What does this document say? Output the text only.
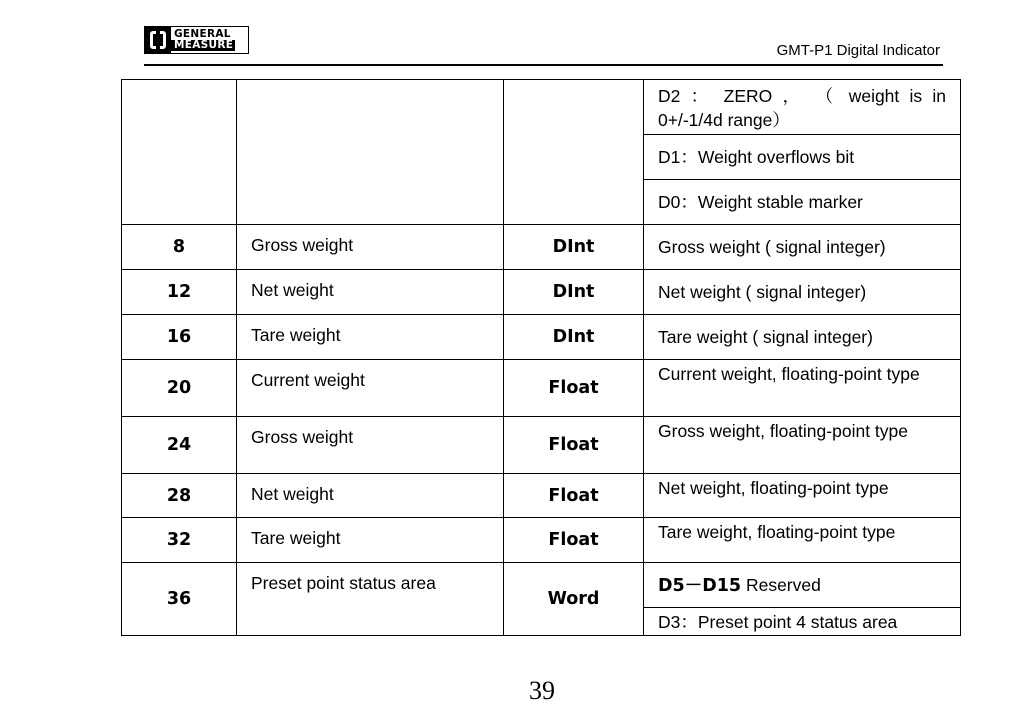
GENERAL
MEASURE	GMT-P1 Digital Indicator
			D2 ： ZERO ， （ weight is in 0+/-1/4d range）
			D1：Weight overflows bit
			D0：Weight stable marker
8	Gross weight	DInt	Gross weight ( signal integer)
12	Net weight	DInt	Net weight ( signal integer)
16	Tare weight	DInt	Tare weight ( signal integer)
20	Current weight	Float	Current weight, floating-point type
24	Gross weight	Float	Gross weight, floating-point type
28	Net weight	Float	Net weight, floating-point type
32	Tare weight	Float	Tare weight, floating-point type
36	Preset point status area	Word	D5－D15 Reserved
			D3：Preset point 4 status area
39
